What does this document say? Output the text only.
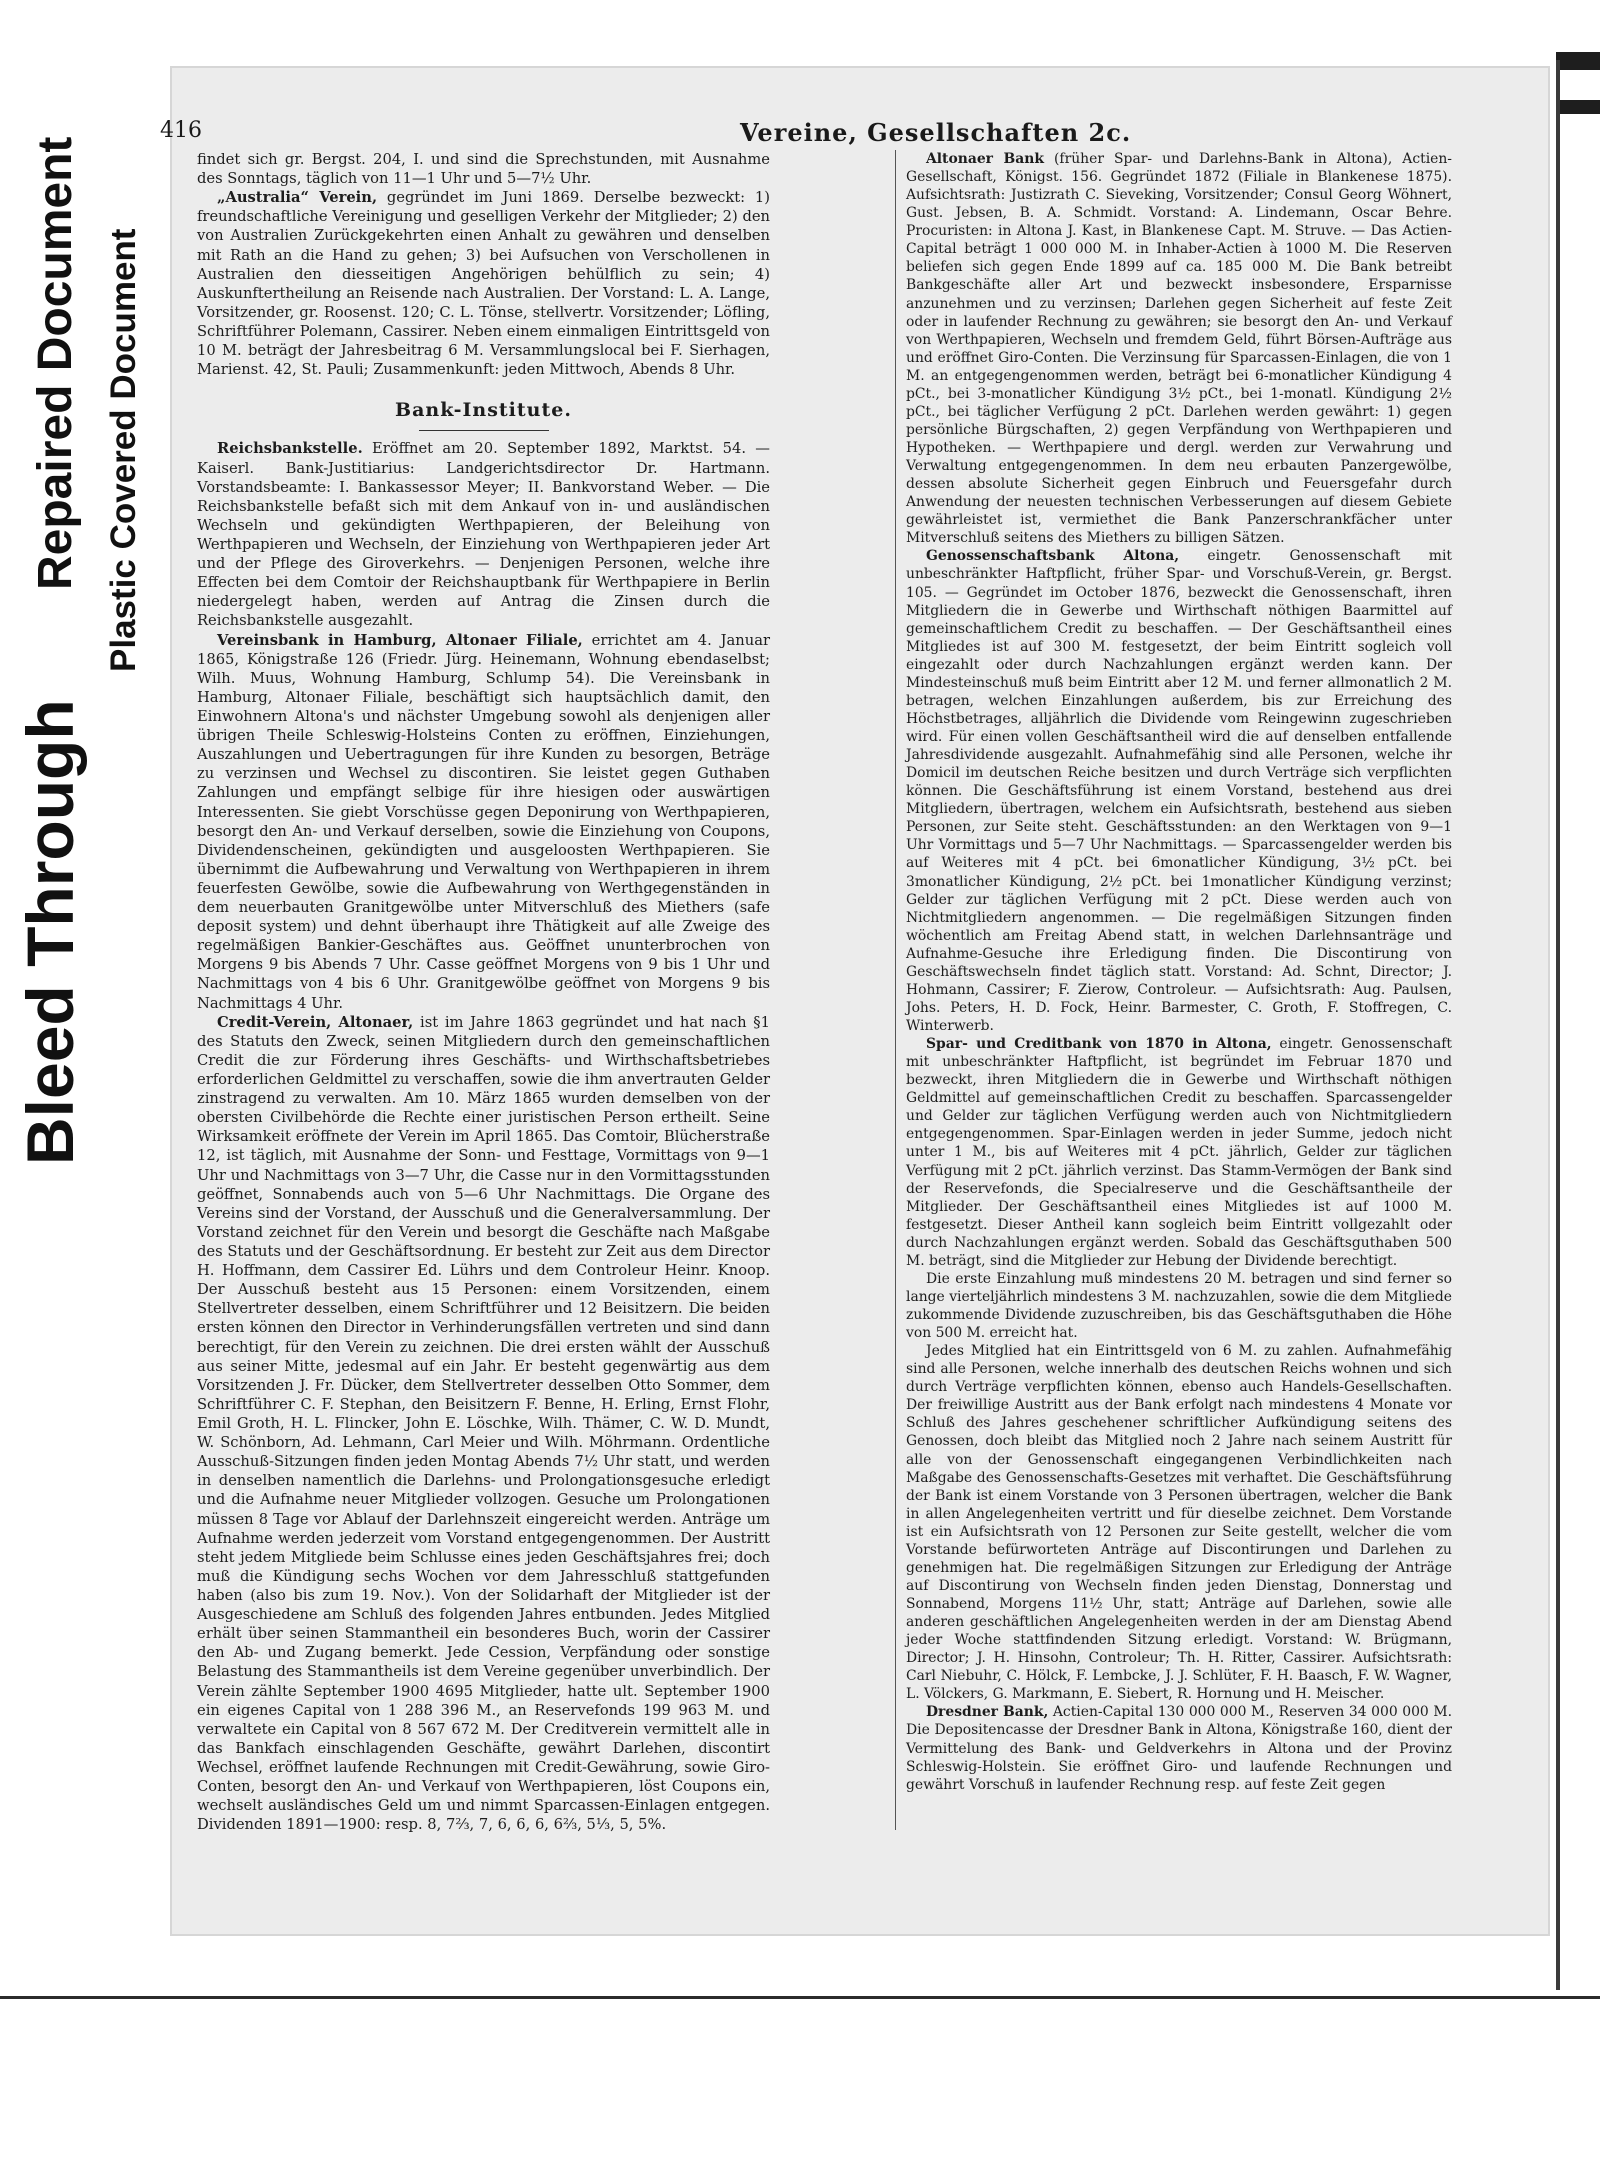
Bleed Through
Repaired Document Plastic Covered Document
416	Vereine, Gesellschaften 2c.

findet sich gr. Bergst. 204, I. und sind die Sprechstunden, mit Ausnahme des Sonntags, täglich von 11—1 Uhr und 5—7½ Uhr.

„Australia“ Verein, gegründet im Juni 1869. Derselbe bezweckt: 1) freundschaftliche Vereinigung und geselligen Verkehr der Mitglieder; 2) den von Australien Zurückgekehrten einen Anhalt zu gewähren und denselben mit Rath an die Hand zu gehen; 3) bei Aufsuchen von Verschollenen in Australien den diesseitigen Angehörigen behülflich zu sein; 4) Auskunftertheilung an Reisende nach Australien. Der Vorstand: L. A. Lange, Vorsitzender, gr. Roosenst. 120; C. L. Tönse, stellvertr. Vorsitzender; Löfling, Schriftführer Polemann, Cassirer. Neben einem einmaligen Eintrittsgeld von 10 M. beträgt der Jahresbeitrag 6 M. Versammlungslocal bei F. Sierhagen, Marienst. 42, St. Pauli; Zusammenkunft: jeden Mittwoch, Abends 8 Uhr.

Bank-Institute.

Reichsbankstelle. Eröffnet am 20. September 1892, Marktst. 54. — Kaiserl. Bank-Justitiarius: Landgerichtsdirector Dr. Hartmann. Vorstandsbeamte: I. Bankassessor Meyer; II. Bankvorstand Weber. — Die Reichsbankstelle befaßt sich mit dem Ankauf von in- und ausländischen Wechseln und gekündigten Werthpapieren, der Beleihung von Werthpapieren und Wechseln, der Einziehung von Werthpapieren jeder Art und der Pflege des Giroverkehrs. — Denjenigen Personen, welche ihre Effecten bei dem Comtoir der Reichshauptbank für Werthpapiere in Berlin niedergelegt haben, werden auf Antrag die Zinsen durch die Reichsbankstelle ausgezahlt.

Vereinsbank in Hamburg, Altonaer Filiale, errichtet am 4. Januar 1865, Königstraße 126 (Friedr. Jürg. Heinemann, Wohnung ebendaselbst; Wilh. Muus, Wohnung Hamburg, Schlump 54). Die Vereinsbank in Hamburg, Altonaer Filiale, beschäftigt sich hauptsächlich damit, den Einwohnern Altona's und nächster Umgebung sowohl als denjenigen aller übrigen Theile Schleswig-Holsteins Conten zu eröffnen, Einziehungen, Auszahlungen und Uebertragungen für ihre Kunden zu besorgen, Beträge zu verzinsen und Wechsel zu discontiren. Sie leistet gegen Guthaben Zahlungen und empfängt selbige für ihre hiesigen oder auswärtigen Interessenten. Sie giebt Vorschüsse gegen Deponirung von Werthpapieren, besorgt den An- und Verkauf derselben, sowie die Einziehung von Coupons, Dividendenscheinen, gekündigten und ausgeloosten Werthpapieren. Sie übernimmt die Aufbewahrung und Verwaltung von Werthpapieren in ihrem feuerfesten Gewölbe, sowie die Aufbewahrung von Werthgegenständen in dem neuerbauten Granitgewölbe unter Mitverschluß des Miethers (safe deposit system) und dehnt überhaupt ihre Thätigkeit auf alle Zweige des regelmäßigen Bankier-Geschäftes aus. Geöffnet ununterbrochen von Morgens 9 bis Abends 7 Uhr. Casse geöffnet Morgens von 9 bis 1 Uhr und Nachmittags von 4 bis 6 Uhr. Granitgewölbe geöffnet von Morgens 9 bis Nachmittags 4 Uhr.

Credit-Verein, Altonaer, ist im Jahre 1863 gegründet und hat nach §1 des Statuts den Zweck, seinen Mitgliedern durch den gemeinschaftlichen Credit die zur Förderung ihres Geschäfts- und Wirthschaftsbetriebes erforderlichen Geldmittel zu verschaffen, sowie die ihm anvertrauten Gelder zinstragend zu verwalten. Am 10. März 1865 wurden demselben von der obersten Civilbehörde die Rechte einer juristischen Person ertheilt. Seine Wirksamkeit eröffnete der Verein im April 1865. Das Comtoir, Blücherstraße 12, ist täglich, mit Ausnahme der Sonn- und Festtage, Vormittags von 9—1 Uhr und Nachmittags von 3—7 Uhr, die Casse nur in den Vormittagsstunden geöffnet, Sonnabends auch von 5—6 Uhr Nachmittags. Die Organe des Vereins sind der Vorstand, der Ausschuß und die Generalversammlung. Der Vorstand zeichnet für den Verein und besorgt die Geschäfte nach Maßgabe des Statuts und der Geschäftsordnung. Er besteht zur Zeit aus dem Director H. Hoffmann, dem Cassirer Ed. Lührs und dem Controleur Heinr. Knoop. Der Ausschuß besteht aus 15 Personen: einem Vorsitzenden, einem Stellvertreter desselben, einem Schriftführer und 12 Beisitzern. Die beiden ersten können den Director in Verhinderungsfällen vertreten und sind dann berechtigt, für den Verein zu zeichnen. Die drei ersten wählt der Ausschuß aus seiner Mitte, jedesmal auf ein Jahr. Er besteht gegenwärtig aus dem Vorsitzenden J. Fr. Dücker, dem Stellvertreter desselben Otto Sommer, dem Schriftführer C. F. Stephan, den Beisitzern F. Benne, H. Erling, Ernst Flohr, Emil Groth, H. L. Flincker, John E. Löschke, Wilh. Thämer, C. W. D. Mundt, W. Schönborn, Ad. Lehmann, Carl Meier und Wilh. Möhrmann. Ordentliche Ausschuß-Sitzungen finden jeden Montag Abends 7½ Uhr statt, und werden in denselben namentlich die Darlehns- und Prolongationsgesuche erledigt und die Aufnahme neuer Mitglieder vollzogen. Gesuche um Prolongationen müssen 8 Tage vor Ablauf der Darlehnszeit eingereicht werden. Anträge um Aufnahme werden jederzeit vom Vorstand entgegengenommen. Der Austritt steht jedem Mitgliede beim Schlusse eines jeden Geschäftsjahres frei; doch muß die Kündigung sechs Wochen vor dem Jahresschluß stattgefunden haben (also bis zum 19. Nov.). Von der Solidarhaft der Mitglieder ist der Ausgeschiedene am Schluß des folgenden Jahres entbunden. Jedes Mitglied erhält über seinen Stammantheil ein besonderes Buch, worin der Cassirer den Ab- und Zugang bemerkt. Jede Cession, Verpfändung oder sonstige Belastung des Stammantheils ist dem Vereine gegenüber unverbindlich. Der Verein zählte September 1900 4695 Mitglieder, hatte ult. September 1900 ein eigenes Capital von 1 288 396 M., an Reservefonds 199 963 M. und verwaltete ein Capital von 8 567 672 M. Der Creditverein vermittelt alle in das Bankfach einschlagenden Geschäfte, gewährt Darlehen, discontirt Wechsel, eröffnet laufende Rechnungen mit Credit-Gewährung, sowie Giro-Conten, besorgt den An- und Verkauf von Werthpapieren, löst Coupons ein, wechselt ausländisches Geld um und nimmt Sparcassen-Einlagen entgegen. Dividenden 1891—1900: resp. 8, 7⅔, 7, 6, 6, 6, 6⅔, 5⅓, 5, 5%.

Altonaer Bank (früher Spar- und Darlehns-Bank in Altona), Actien-Gesellschaft, Königst. 156. Gegründet 1872 (Filiale in Blankenese 1875). Aufsichtsrath: Justizrath C. Sieveking, Vorsitzender; Consul Georg Wöhnert, Gust. Jebsen, B. A. Schmidt. Vorstand: A. Lindemann, Oscar Behre. Procuristen: in Altona J. Kast, in Blankenese Capt. M. Struve. — Das Actien-Capital beträgt 1 000 000 M. in Inhaber-Actien à 1000 M. Die Reserven beliefen sich gegen Ende 1899 auf ca. 185 000 M. Die Bank betreibt Bankgeschäfte aller Art und bezweckt insbesondere, Ersparnisse anzunehmen und zu verzinsen; Darlehen gegen Sicherheit auf feste Zeit oder in laufender Rechnung zu gewähren; sie besorgt den An- und Verkauf von Werthpapieren, Wechseln und fremdem Geld, führt Börsen-Aufträge aus und eröffnet Giro-Conten. Die Verzinsung für Sparcassen-Einlagen, die von 1 M. an entgegengenommen werden, beträgt bei 6-monatlicher Kündigung 4 pCt., bei 3-monatlicher Kündigung 3½ pCt., bei 1-monatl. Kündigung 2½ pCt., bei täglicher Verfügung 2 pCt. Darlehen werden gewährt: 1) gegen persönliche Bürgschaften, 2) gegen Verpfändung von Werthpapieren und Hypotheken. — Werthpapiere und dergl. werden zur Verwahrung und Verwaltung entgegengenommen. In dem neu erbauten Panzergewölbe, dessen absolute Sicherheit gegen Einbruch und Feuersgefahr durch Anwendung der neuesten technischen Verbesserungen auf diesem Gebiete gewährleistet ist, vermiethet die Bank Panzerschrankfächer unter Mitverschluß seitens des Miethers zu billigen Sätzen.

Genossenschaftsbank Altona, eingetr. Genossenschaft mit unbeschränkter Haftpflicht, früher Spar- und Vorschuß-Verein, gr. Bergst. 105. — Gegründet im October 1876, bezweckt die Genossenschaft, ihren Mitgliedern die in Gewerbe und Wirthschaft nöthigen Baarmittel auf gemeinschaftlichem Credit zu beschaffen. — Der Geschäftsantheil eines Mitgliedes ist auf 300 M. festgesetzt, der beim Eintritt sogleich voll eingezahlt oder durch Nachzahlungen ergänzt werden kann. Der Mindesteinschuß muß beim Eintritt aber 12 M. und ferner allmonatlich 2 M. betragen, welchen Einzahlungen außerdem, bis zur Erreichung des Höchstbetrages, alljährlich die Dividende vom Reingewinn zugeschrieben wird. Für einen vollen Geschäftsantheil wird die auf denselben entfallende Jahresdividende ausgezahlt. Aufnahmefähig sind alle Personen, welche ihr Domicil im deutschen Reiche besitzen und durch Verträge sich verpflichten können. Die Geschäftsführung ist einem Vorstand, bestehend aus drei Mitgliedern, übertragen, welchem ein Aufsichtsrath, bestehend aus sieben Personen, zur Seite steht. Geschäftsstunden: an den Werktagen von 9—1 Uhr Vormittags und 5—7 Uhr Nachmittags. — Sparcassengelder werden bis auf Weiteres mit 4 pCt. bei 6monatlicher Kündigung, 3½ pCt. bei 3monatlicher Kündigung, 2½ pCt. bei 1monatlicher Kündigung verzinst; Gelder zur täglichen Verfügung mit 2 pCt. Diese werden auch von Nichtmitgliedern angenommen. — Die regelmäßigen Sitzungen finden wöchentlich am Freitag Abend statt, in welchen Darlehnsanträge und Aufnahme-Gesuche ihre Erledigung finden. Die Discontirung von Geschäftswechseln findet täglich statt. Vorstand: Ad. Schnt, Director; J. Hohmann, Cassirer; F. Zierow, Controleur. — Aufsichtsrath: Aug. Paulsen, Johs. Peters, H. D. Fock, Heinr. Barmester, C. Groth, F. Stoffregen, C. Winterwerb.

Spar- und Creditbank von 1870 in Altona, eingetr. Genossenschaft mit unbeschränkter Haftpflicht, ist begründet im Februar 1870 und bezweckt, ihren Mitgliedern die in Gewerbe und Wirthschaft nöthigen Geldmittel auf gemeinschaftlichen Credit zu beschaffen. Sparcassengelder und Gelder zur täglichen Verfügung werden auch von Nichtmitgliedern entgegengenommen. Spar-Einlagen werden in jeder Summe, jedoch nicht unter 1 M., bis auf Weiteres mit 4 pCt. jährlich, Gelder zur täglichen Verfügung mit 2 pCt. jährlich verzinst. Das Stamm-Vermögen der Bank sind der Reservefonds, die Specialreserve und die Geschäftsantheile der Mitglieder. Der Geschäftsantheil eines Mitgliedes ist auf 1000 M. festgesetzt. Dieser Antheil kann sogleich beim Eintritt vollgezahlt oder durch Nachzahlungen ergänzt werden. Sobald das Geschäftsguthaben 500 M. beträgt, sind die Mitglieder zur Hebung der Dividende berechtigt.

Die erste Einzahlung muß mindestens 20 M. betragen und sind ferner so lange vierteljährlich mindestens 3 M. nachzuzahlen, sowie die dem Mitgliede zukommende Dividende zuzuschreiben, bis das Geschäftsguthaben die Höhe von 500 M. erreicht hat.

Jedes Mitglied hat ein Eintrittsgeld von 6 M. zu zahlen. Aufnahmefähig sind alle Personen, welche innerhalb des deutschen Reichs wohnen und sich durch Verträge verpflichten können, ebenso auch Handels-Gesellschaften. Der freiwillige Austritt aus der Bank erfolgt nach mindestens 4 Monate vor Schluß des Jahres geschehener schriftlicher Aufkündigung seitens des Genossen, doch bleibt das Mitglied noch 2 Jahre nach seinem Austritt für alle von der Genossenschaft eingegangenen Verbindlichkeiten nach Maßgabe des Genossenschafts-Gesetzes mit verhaftet. Die Geschäftsführung der Bank ist einem Vorstande von 3 Personen übertragen, welcher die Bank in allen Angelegenheiten vertritt und für dieselbe zeichnet. Dem Vorstande ist ein Aufsichtsrath von 12 Personen zur Seite gestellt, welcher die vom Vorstande befürworteten Anträge auf Discontirungen und Darlehen zu genehmigen hat. Die regelmäßigen Sitzungen zur Erledigung der Anträge auf Discontirung von Wechseln finden jeden Dienstag, Donnerstag und Sonnabend, Morgens 11½ Uhr, statt; Anträge auf Darlehen, sowie alle anderen geschäftlichen Angelegenheiten werden in der am Dienstag Abend jeder Woche stattfindenden Sitzung erledigt. Vorstand: W. Brügmann, Director; J. H. Hinsohn, Controleur; Th. H. Ritter, Cassirer. Aufsichtsrath: Carl Niebuhr, C. Hölck, F. Lembcke, J. J. Schlüter, F. H. Baasch, F. W. Wagner, L. Völckers, G. Markmann, E. Siebert, R. Hornung und H. Meischer.

Dresdner Bank, Actien-Capital 130 000 000 M., Reserven 34 000 000 M. Die Depositencasse der Dresdner Bank in Altona, Königstraße 160, dient der Vermittelung des Bank- und Geldverkehrs in Altona und der Provinz Schleswig-Holstein. Sie eröffnet Giro- und laufende Rechnungen und gewährt Vorschuß in laufender Rechnung resp. auf feste Zeit gegen
